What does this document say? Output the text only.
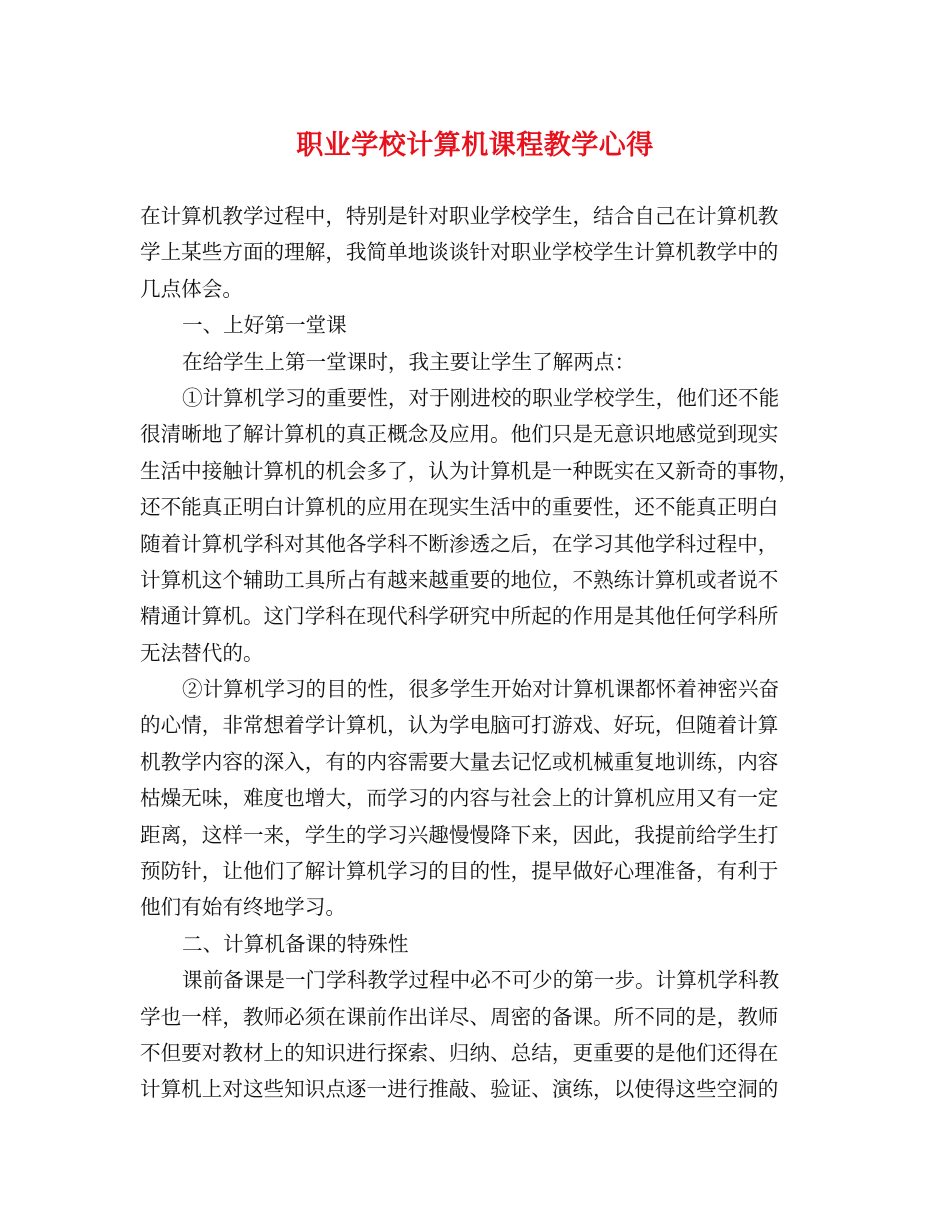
职业学校计算机课程教学心得
在计算机教学过程中，特别是针对职业学校学生，结合自己在计算机教
学上某些方面的理解，我简单地谈谈针对职业学校学生计算机教学中的
几点体会。
一、上好第一堂课
在给学生上第一堂课时，我主要让学生了解两点：
①计算机学习的重要性，对于刚进校的职业学校学生，他们还不能
很清晰地了解计算机的真正概念及应用。他们只是无意识地感觉到现实
生活中接触计算机的机会多了，认为计算机是一种既实在又新奇的事物，
还不能真正明白计算机的应用在现实生活中的重要性，还不能真正明白
随着计算机学科对其他各学科不断渗透之后，在学习其他学科过程中，
计算机这个辅助工具所占有越来越重要的地位，不熟练计算机或者说不
精通计算机。这门学科在现代科学研究中所起的作用是其他任何学科所
无法替代的。
②计算机学习的目的性，很多学生开始对计算机课都怀着神密兴奋
的心情，非常想着学计算机，认为学电脑可打游戏、好玩，但随着计算
机教学内容的深入，有的内容需要大量去记忆或机械重复地训练，内容
枯燥无味，难度也增大，而学习的内容与社会上的计算机应用又有一定
距离，这样一来，学生的学习兴趣慢慢降下来，因此，我提前给学生打
预防针，让他们了解计算机学习的目的性，提早做好心理准备，有利于
他们有始有终地学习。
二、计算机备课的特殊性
课前备课是一门学科教学过程中必不可少的第一步。计算机学科教
学也一样，教师必须在课前作出详尽、周密的备课。所不同的是，教师
不但要对教材上的知识进行探索、归纳、总结，更重要的是他们还得在
计算机上对这些知识点逐一进行推敲、验证、演练，以使得这些空洞的
